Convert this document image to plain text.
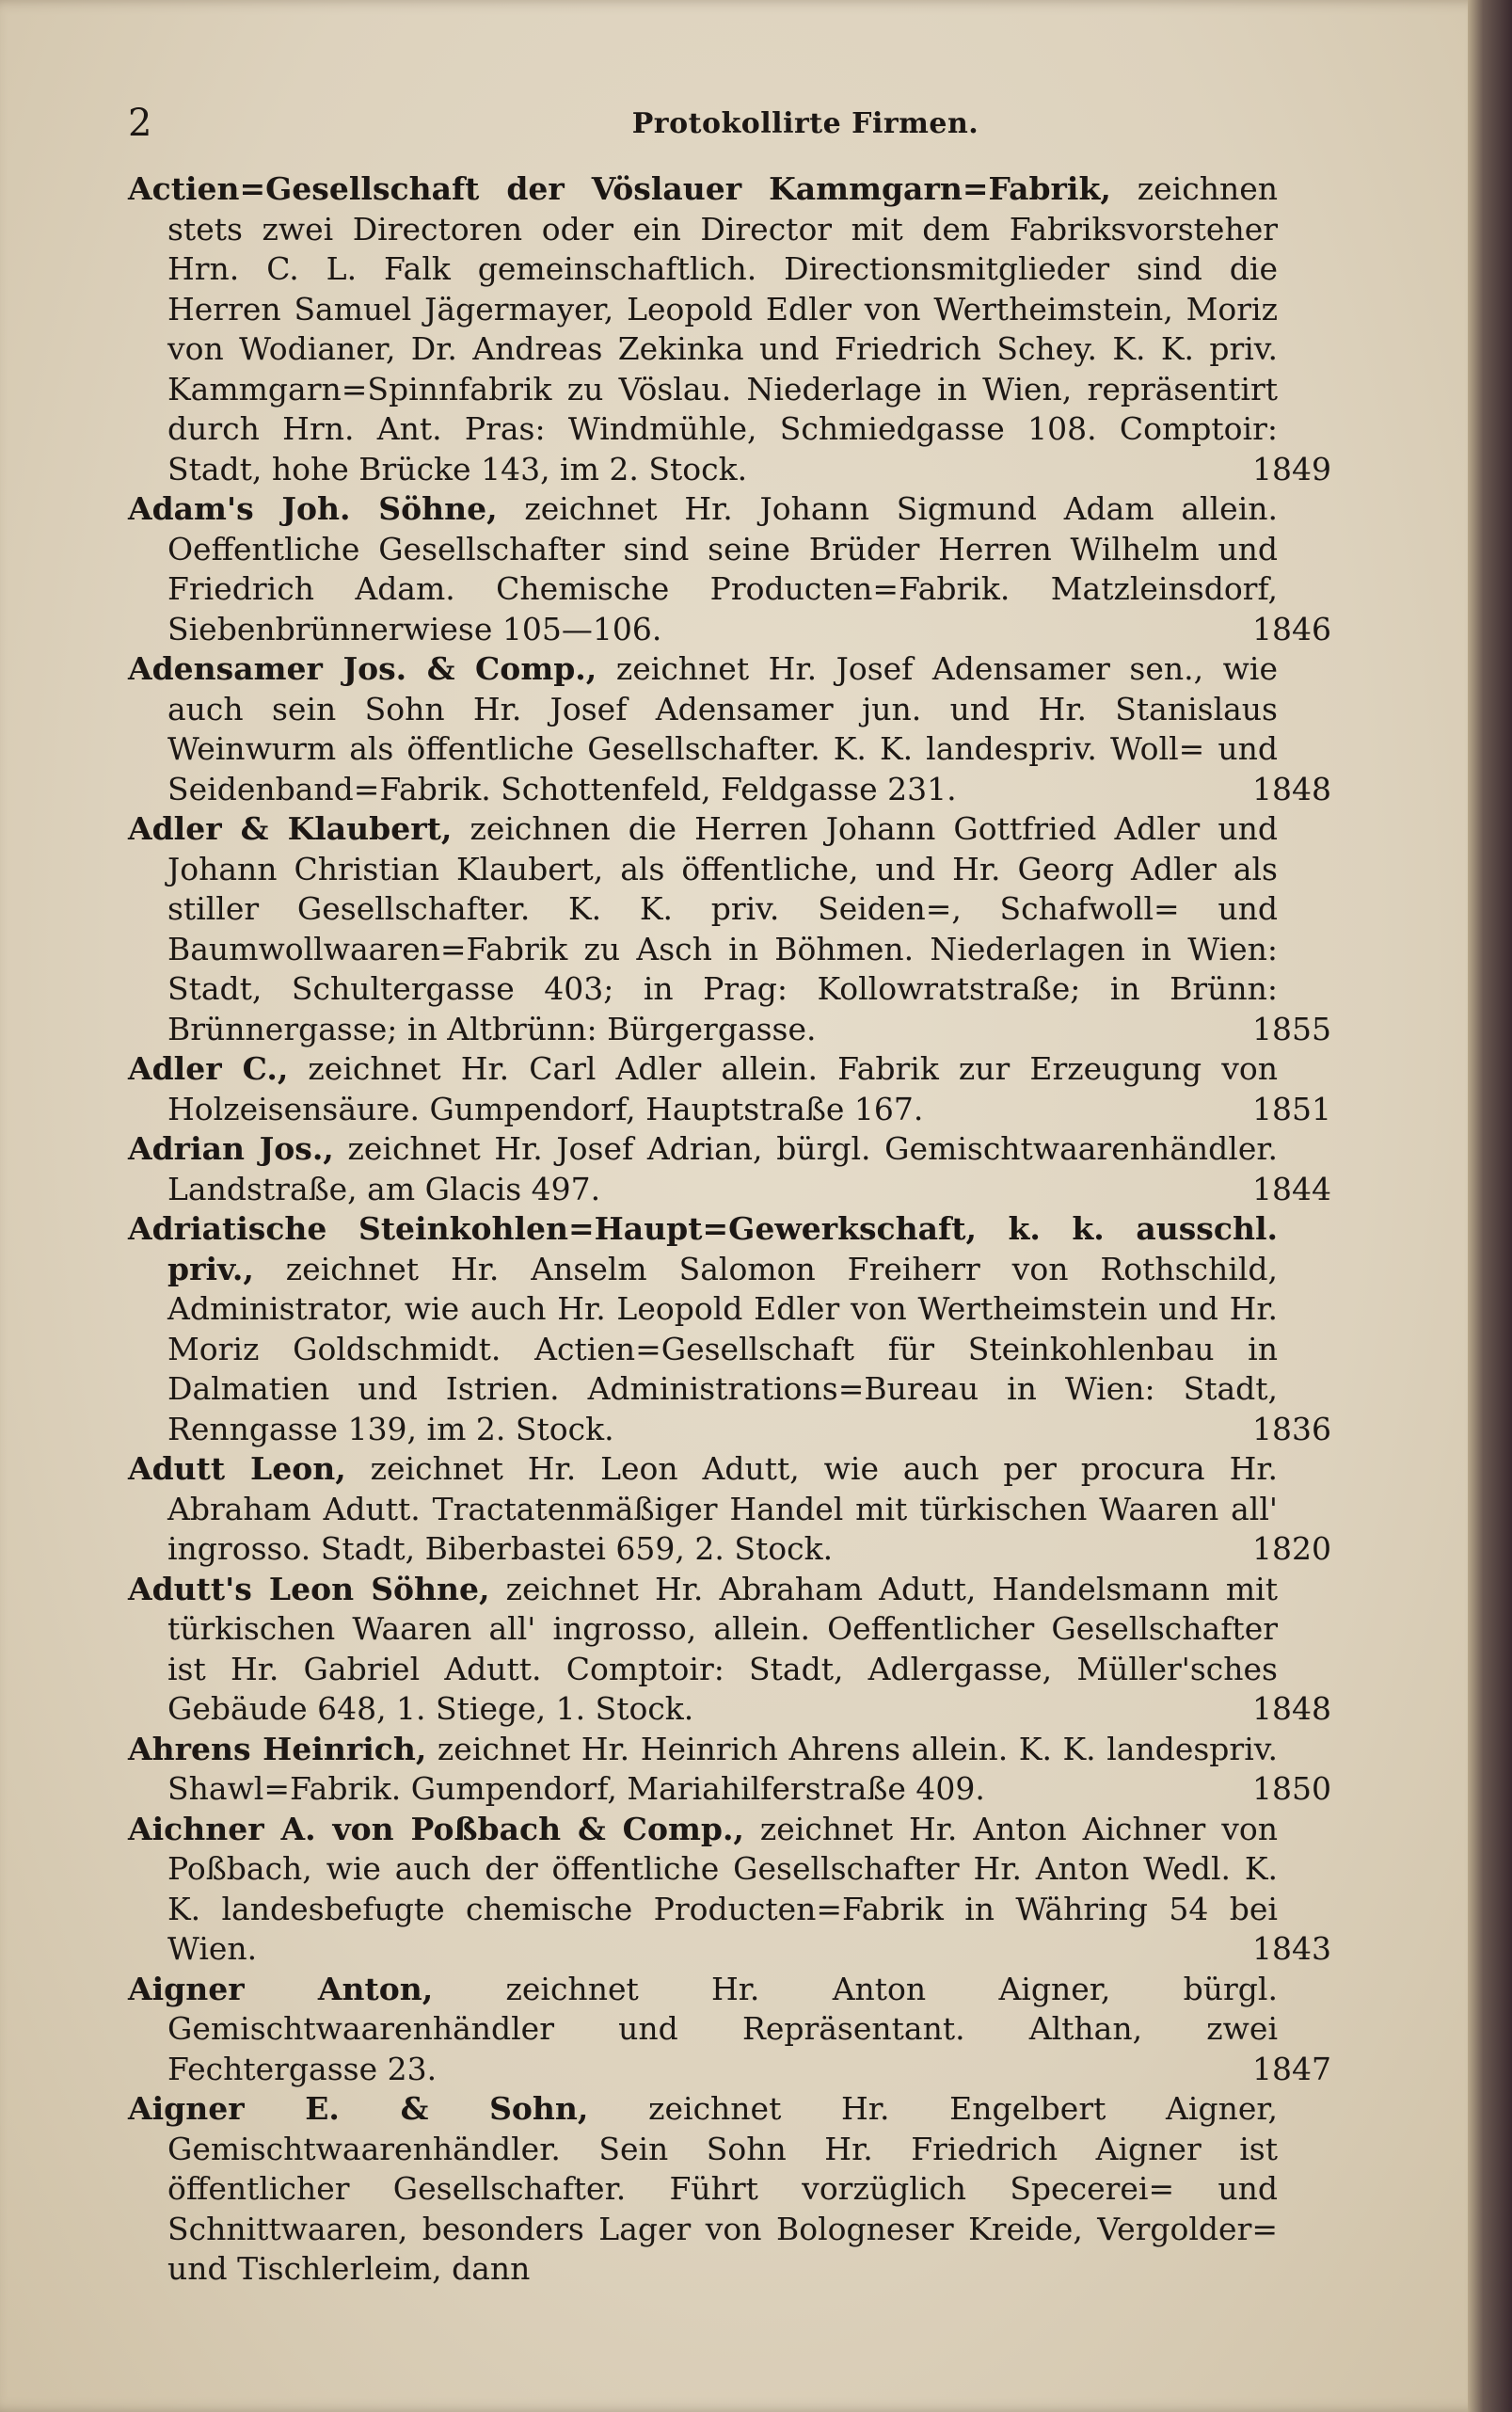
2	Protokollirte Firmen.
Actien=Gesellschaft der Vöslauer Kammgarn=Fabrik, zeichnen stets zwei Directoren oder ein Director mit dem Fabriksvorsteher Hrn. C. L. Falk gemeinschaftlich. Directionsmitglieder sind die Herren Samuel Jägermayer, Leopold Edler von Wertheimstein, Moriz von Wodianer, Dr. Andreas Zekinka und Friedrich Schey. K. K. priv. Kammgarn=Spinnfabrik zu Vöslau. Niederlage in Wien, repräsentirt durch Hrn. Ant. Pras: Windmühle, Schmiedgasse 108. Comptoir: Stadt, hohe Brücke 143, im 2. Stock.	1849
Adam's Joh. Söhne, zeichnet Hr. Johann Sigmund Adam allein. Oeffentliche Gesellschafter sind seine Brüder Herren Wilhelm und Friedrich Adam. Chemische Producten=Fabrik. Matzleinsdorf, Siebenbrünnerwiese 105—106.	1846
Adensamer Jos. & Comp., zeichnet Hr. Josef Adensamer sen., wie auch sein Sohn Hr. Josef Adensamer jun. und Hr. Stanislaus Weinwurm als öffentliche Gesellschafter. K. K. landespriv. Woll= und Seidenband=Fabrik. Schottenfeld, Feldgasse 231.	1848
Adler & Klaubert, zeichnen die Herren Johann Gottfried Adler und Johann Christian Klaubert, als öffentliche, und Hr. Georg Adler als stiller Gesellschafter. K. K. priv. Seiden=, Schafwoll= und Baumwollwaaren=Fabrik zu Asch in Böhmen. Niederlagen in Wien: Stadt, Schultergasse 403; in Prag: Kollowratstraße; in Brünn: Brünnergasse; in Altbrünn: Bürgergasse.	1855
Adler C., zeichnet Hr. Carl Adler allein. Fabrik zur Erzeugung von Holzeisensäure. Gumpendorf, Hauptstraße 167.	1851
Adrian Jos., zeichnet Hr. Josef Adrian, bürgl. Gemischtwaarenhändler. Landstraße, am Glacis 497.	1844
Adriatische Steinkohlen=Haupt=Gewerkschaft, k. k. ausschl. priv., zeichnet Hr. Anselm Salomon Freiherr von Rothschild, Administrator, wie auch Hr. Leopold Edler von Wertheimstein und Hr. Moriz Goldschmidt. Actien=Gesellschaft für Steinkohlenbau in Dalmatien und Istrien. Administrations=Bureau in Wien: Stadt, Renngasse 139, im 2. Stock.	1836
Adutt Leon, zeichnet Hr. Leon Adutt, wie auch per procura Hr. Abraham Adutt. Tractatenmäßiger Handel mit türkischen Waaren all' ingrosso. Stadt, Biberbastei 659, 2. Stock.	1820
Adutt's Leon Söhne, zeichnet Hr. Abraham Adutt, Handelsmann mit türkischen Waaren all' ingrosso, allein. Oeffentlicher Gesellschafter ist Hr. Gabriel Adutt. Comptoir: Stadt, Adlergasse, Müller'sches Gebäude 648, 1. Stiege, 1. Stock.	1848
Ahrens Heinrich, zeichnet Hr. Heinrich Ahrens allein. K. K. landespriv. Shawl=Fabrik. Gumpendorf, Mariahilferstraße 409.	1850
Aichner A. von Poßbach & Comp., zeichnet Hr. Anton Aichner von Poßbach, wie auch der öffentliche Gesellschafter Hr. Anton Wedl. K. K. landesbefugte chemische Producten=Fabrik in Währing 54 bei Wien.	1843
Aigner Anton, zeichnet Hr. Anton Aigner, bürgl. Gemischtwaarenhändler und Repräsentant. Althan, zwei Fechtergasse 23.	1847
Aigner E. & Sohn, zeichnet Hr. Engelbert Aigner, Gemischtwaarenhändler. Sein Sohn Hr. Friedrich Aigner ist öffentlicher Gesellschafter. Führt vorzüglich Specerei= und Schnittwaaren, besonders Lager von Bologneser Kreide, Vergolder= und Tischlerleim, dann
